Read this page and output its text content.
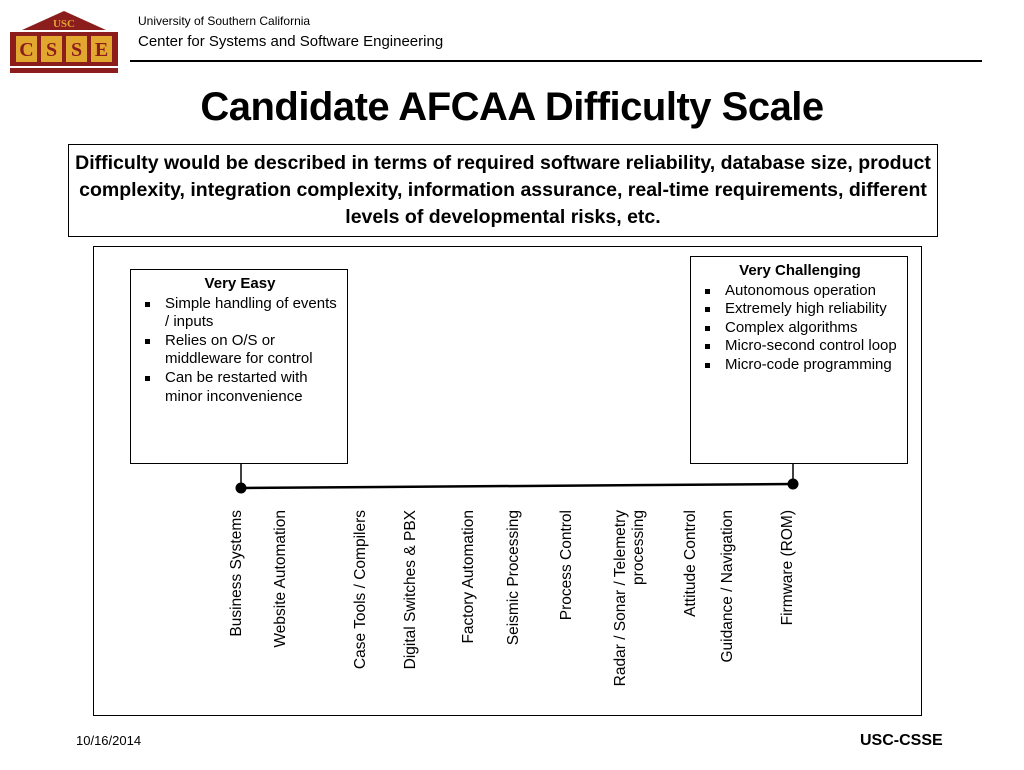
USC
C S S E
University of Southern California
Center for Systems and Software Engineering
Candidate AFCAA Difficulty Scale
Difficulty would be described in terms of required software reliability, database size, product complexity, integration complexity, information assurance, real-time requirements, different levels of developmental risks, etc.
Very Easy
Simple handling of events / inputs
Relies on O/S or middleware for control
Can be restarted with minor inconvenience
Very Challenging
Autonomous operation
Extremely high reliability
Complex algorithms
Micro-second control loop
Micro-code programming
Business Systems Website Automation	Case Tools / Compilers Digital Switches & PBX	Factory Automation Seismic Processing Process Control Radar / Sonar / Telemetry processing Attitude Control Guidance / Navigation	Firmware (ROM)
10/16/2014	USC-CSSE
